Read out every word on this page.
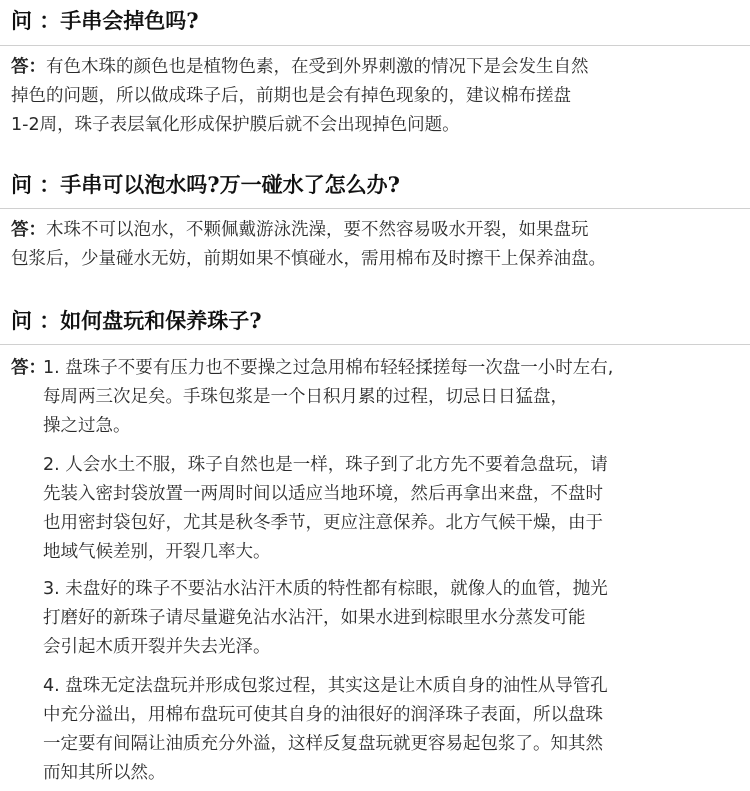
问 ：手串会掉色吗?
答：有色木珠的颜色也是植物色素，在受到外界刺激的情况下是会发生自然
掉色的问题，所以做成珠子后，前期也是会有掉色现象的，建议棉布搓盘
1-2周，珠子表层氧化形成保护膜后就不会出现掉色问题。
问 ：手串可以泡水吗?万一碰水了怎么办?
答：木珠不可以泡水，不颗佩戴游泳洗澡，要不然容易吸水开裂，如果盘玩
包浆后，少量碰水无妨，前期如果不慎碰水，需用棉布及时擦干上保养油盘。
问 ：如何盘玩和保养珠子?
答：
1. 盘珠子不要有压力也不要操之过急用棉布轻轻揉搓每一次盘一小时左右,
每周两三次足矣。手珠包浆是一个日积月累的过程，切忌日日猛盘，
操之过急。
2. 人会水土不服，珠子自然也是一样，珠子到了北方先不要着急盘玩，请
先装入密封袋放置一两周时间以适应当地环境，然后再拿出来盘，不盘时
也用密封袋包好，尤其是秋冬季节，更应注意保养。北方气候干燥，由于
地域气候差别，开裂几率大。
3. 未盘好的珠子不要沾水沾汗木质的特性都有棕眼，就像人的血管，抛光
打磨好的新珠子请尽量避免沾水沾汗，如果水进到棕眼里水分蒸发可能
会引起木质开裂并失去光泽。
4. 盘珠无定法盘玩并形成包浆过程，其实这是让木质自身的油性从导管孔
中充分溢出，用棉布盘玩可使其自身的油很好的润泽珠子表面，所以盘珠
一定要有间隔让油质充分外溢，这样反复盘玩就更容易起包浆了。知其然
而知其所以然。
